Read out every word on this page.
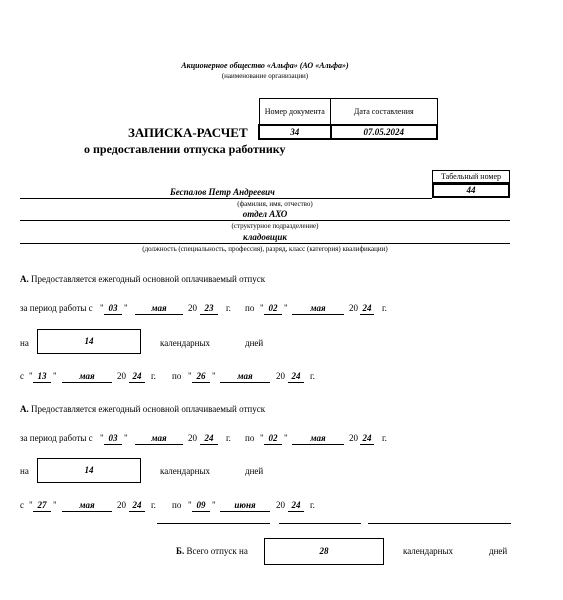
Акционерное общество «Альфа» (АО «Альфа»)
(наименование организации)
Номер документа	Дата составления
34	07.05.2024
ЗАПИСКА-РАСЧЕТ
о предоставлении отпуска работнику
Табельный номер
44
Беспалов Петр Андреевич
(фамилия, имя, отчество)
отдел АХО
(структурное подразделение)
кладовщик
(должность (специальность, профессия), разряд, класс (категория) квалификации)
А. Предоставляется ежегодный основной оплачиваемый отпуск
за период работы с " 03 "	мая	20 23	г. по " 02 "	мая	20 24 г.
на	14	календарных	дней
с " 13 "	мая	20 24	г. по " 26 "	мая	20 24	г.
А. Предоставляется ежегодный основной оплачиваемый отпуск
за период работы с " 03 "	мая	20 24	г. по " 02 "	мая	20 24 г.
на	14	календарных	дней
с " 27 "	мая	20 24	г. по " 09 "	июня	20 24	г.
Б. Всего отпуск на	28	календарных	дней
